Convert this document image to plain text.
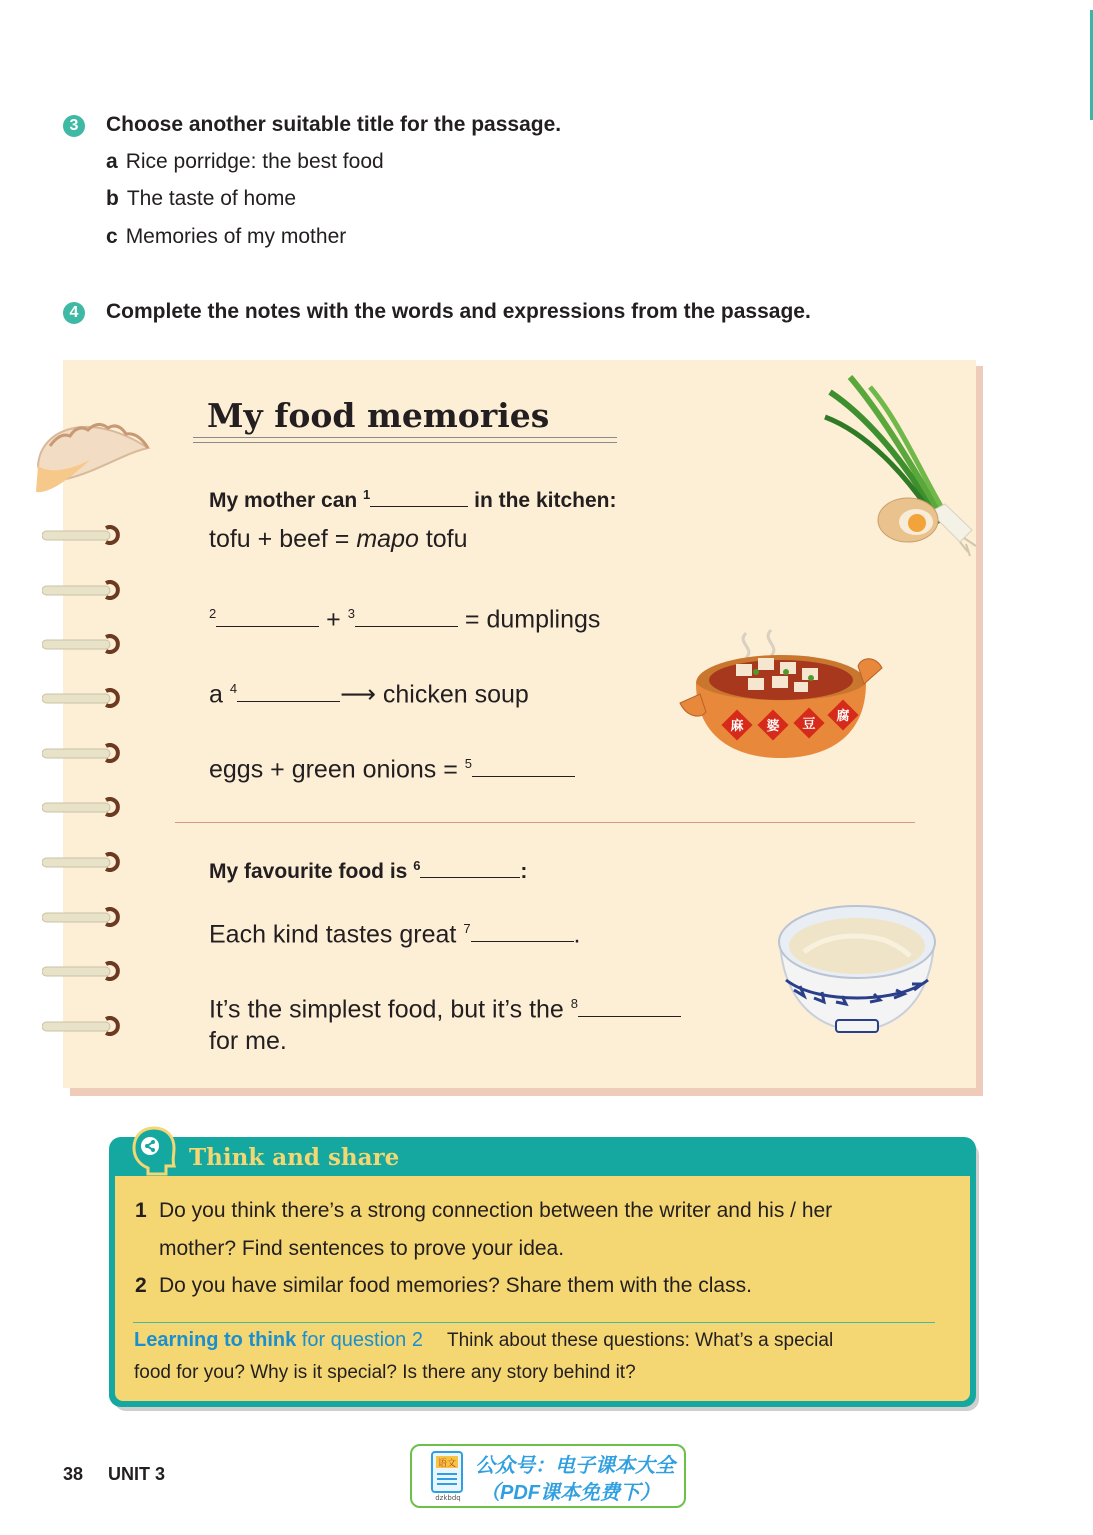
3	Choose another suitable title for the passage.
a Rice porridge: the best food
b The taste of home
c Memories of my mother
4	Complete the notes with the words and expressions from the passage.
My food memories
My mother can $^1$	in the kitchen:
tofu + beef = mapo tofu
$^2$	+ $^3$	= dumplings
a $^4$	⟶ chicken soup
eggs + green onions = $^5$
麻 婆 豆
腐
My favourite food is $^6$	:
Each kind tastes great $^7$	.
It’s the simplest food, but it’s the $^8$
for me.
Think and share
1 Do you think there’s a strong connection between the writer and his / her
mother? Find sentences to prove your idea.
2 Do you have similar food memories? Share them with the class.
Learning to think for question 2 Think about these questions: What’s a special
food for you? Why is it special? Is there any story behind it?
38 UNIT 3	语文
dzkbdq
公众号：电子课本大全
（PDF课本免费下）
